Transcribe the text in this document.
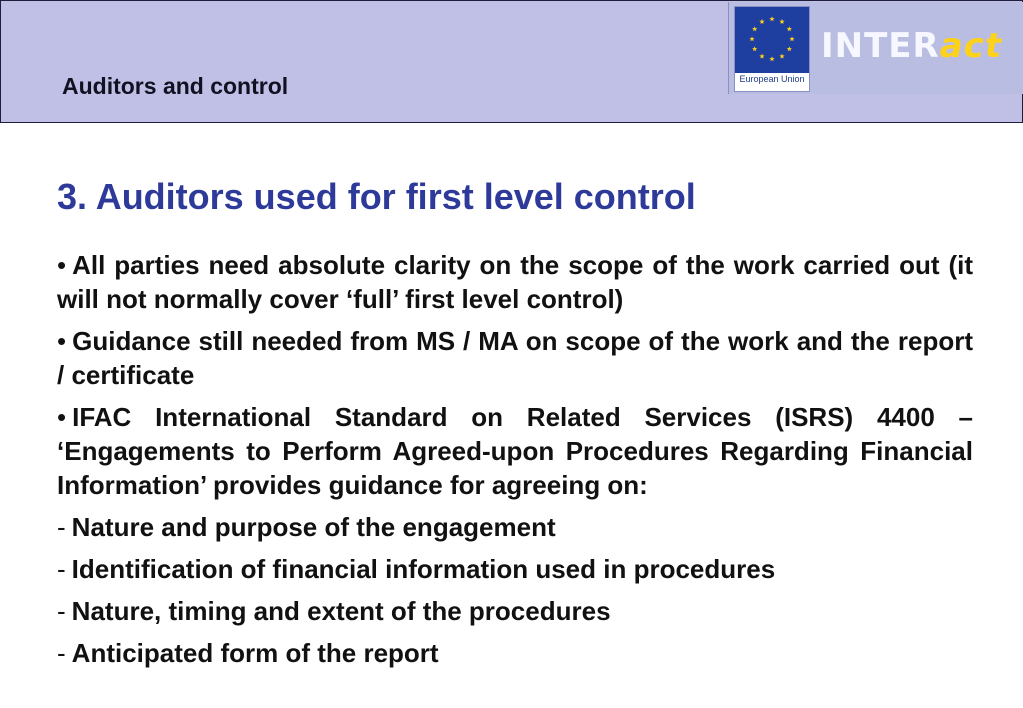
Auditors and control	European Union
INTERact
3. Auditors used for first level control

• All parties need absolute clarity on the scope of the work carried out (it will not normally cover ‘full’ first level control)

• Guidance still needed from MS / MA on scope of the work and the report / certificate

• IFAC International Standard on Related Services (ISRS) 4400 – ‘Engagements to Perform Agreed-upon Procedures Regarding Financial Information’ provides guidance for agreeing on:

- Nature and purpose of the engagement
- Identification of financial information used in procedures
- Nature, timing and extent of the procedures
- Anticipated form of the report
